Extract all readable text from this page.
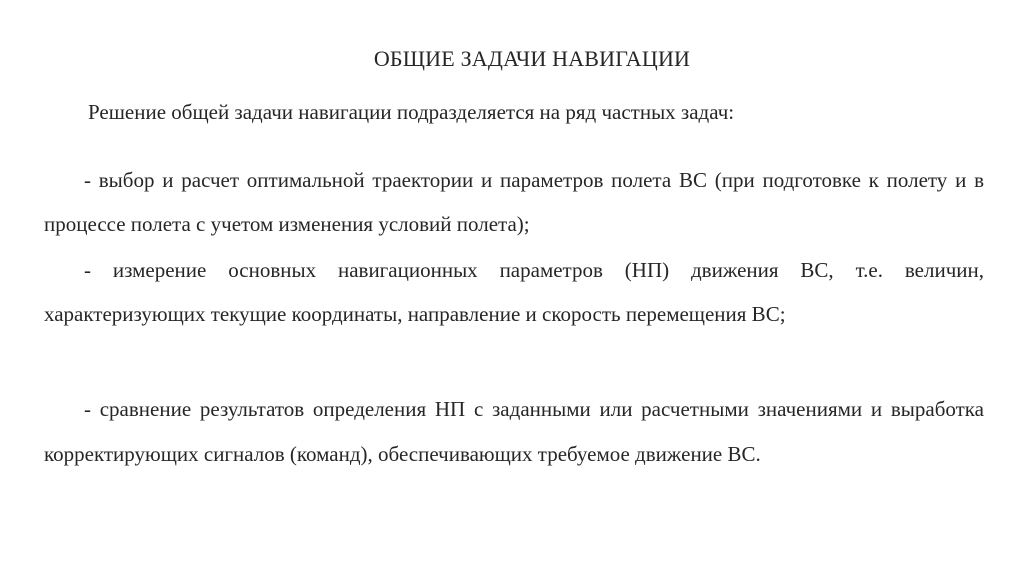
ОБЩИЕ ЗАДАЧИ НАВИГАЦИИ
Решение общей задачи навигации подразделяется на ряд частных задач:

- выбор и расчет оптимальной траектории и параметров полета ВС (при подготовке к полету и в процессе полета с учетом изменения условий полета);

- измерение основных навигационных параметров (НП) движения ВС, т.е. величин, характеризующих текущие координаты, направление и скорость перемещения ВС;

- сравнение результатов определения НП с заданными или расчетными значениями и выработка корректирующих сигналов (команд), обеспечивающих требуемое движение ВС.
